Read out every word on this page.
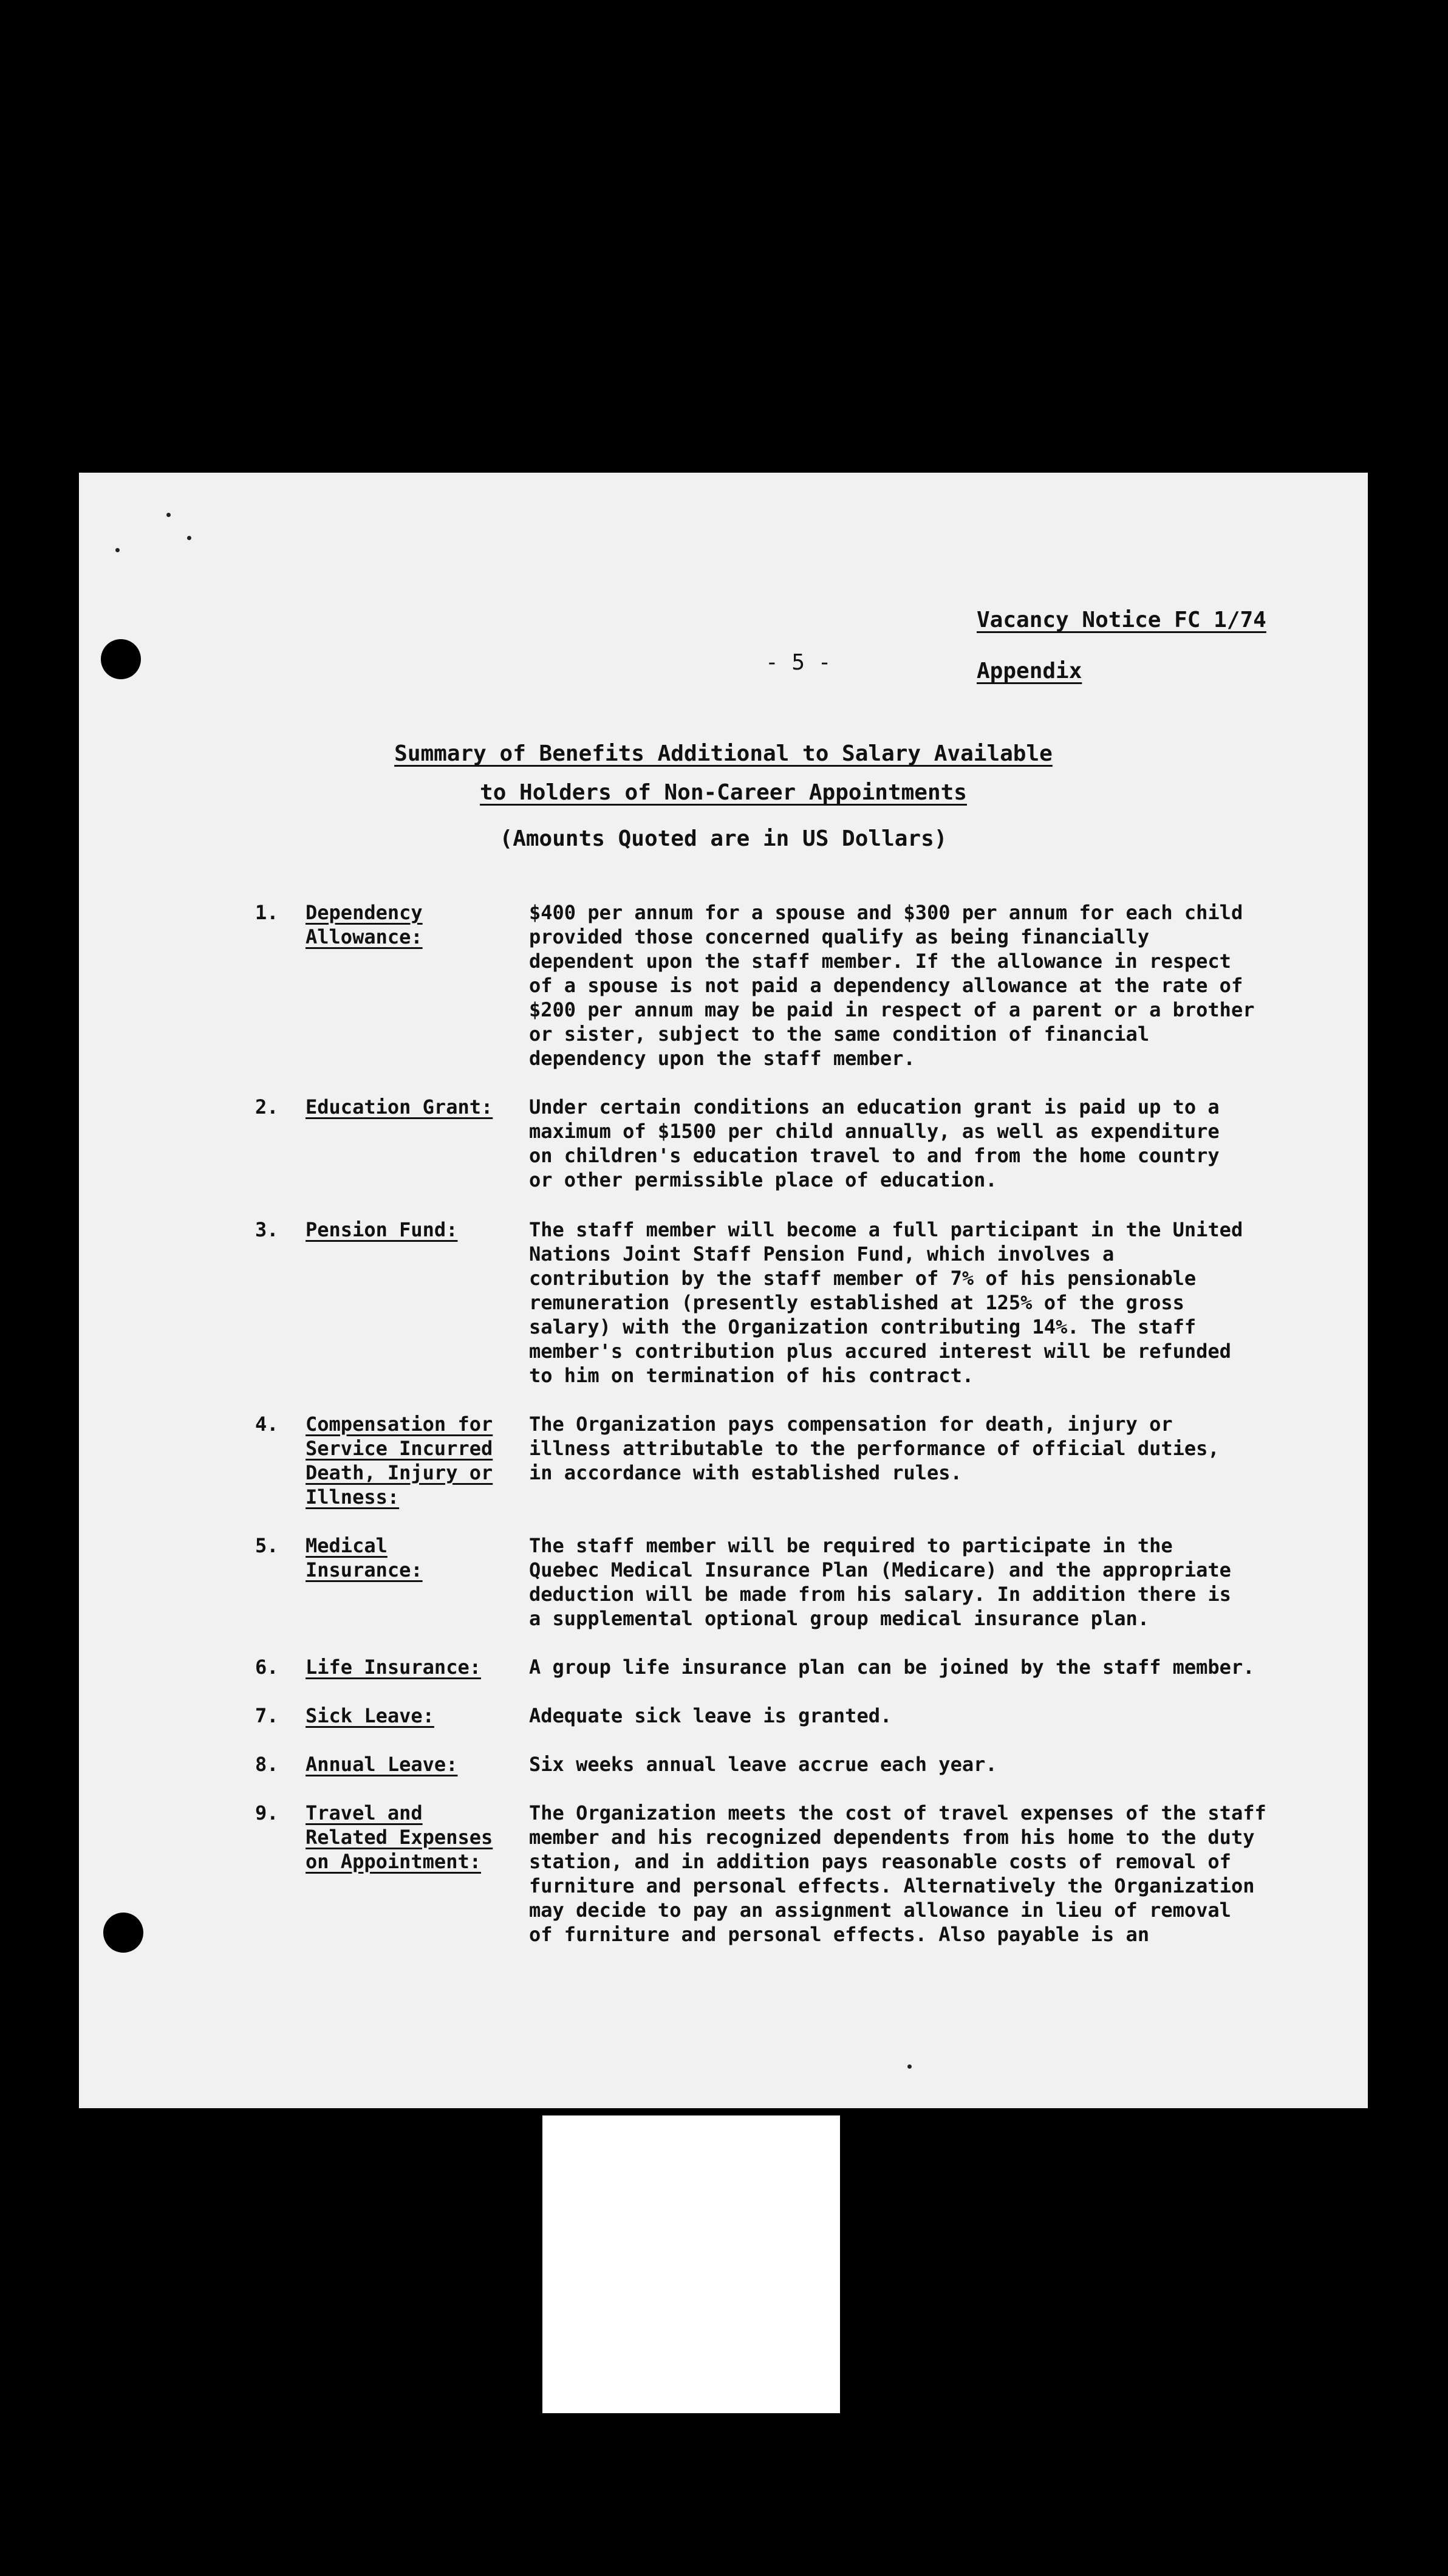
Vacancy Notice FC 1/74
- 5 -	Appendix
Summary of Benefits Additional to Salary Available
to Holders of Non-Career Appointments
(Amounts Quoted are in US Dollars)
1. Dependency Allowance:
$400 per annum for a spouse and $300 per annum for each child
provided those concerned qualify as being financially
dependent upon the staff member. If the allowance in respect
of a spouse is not paid a dependency allowance at the rate of
$200 per annum may be paid in respect of a parent or a brother
or sister, subject to the same condition of financial
dependency upon the staff member.
2. Education Grant:	Under certain conditions an education grant is paid up to a
maximum of $1500 per child annually, as well as expenditure
on children's education travel to and from the home country
or other permissible place of education.
3. Pension Fund:	The staff member will become a full participant in the United
Nations Joint Staff Pension Fund, which involves a
contribution by the staff member of 7% of his pensionable
remuneration (presently established at 125% of the gross
salary) with the Organization contributing 14%. The staff
member's contribution plus accured interest will be refunded
to him on termination of his contract.
4. Compensation for Service Incurred Death, Injury or Illness:
The Organization pays compensation for death, injury or
illness attributable to the performance of official duties,
in accordance with established rules.
5. Medical Insurance:
The staff member will be required to participate in the
Quebec Medical Insurance Plan (Medicare) and the appropriate
deduction will be made from his salary. In addition there is
a supplemental optional group medical insurance plan.
6. Life Insurance:	A group life insurance plan can be joined by the staff member.
7. Sick Leave:	Adequate sick leave is granted.
8. Annual Leave:	Six weeks annual leave accrue each year.
9. Travel and Related Expenses on Appointment:
The Organization meets the cost of travel expenses of the staff
member and his recognized dependents from his home to the duty
station, and in addition pays reasonable costs of removal of
furniture and personal effects. Alternatively the Organization
may decide to pay an assignment allowance in lieu of removal
of furniture and personal effects. Also payable is an
